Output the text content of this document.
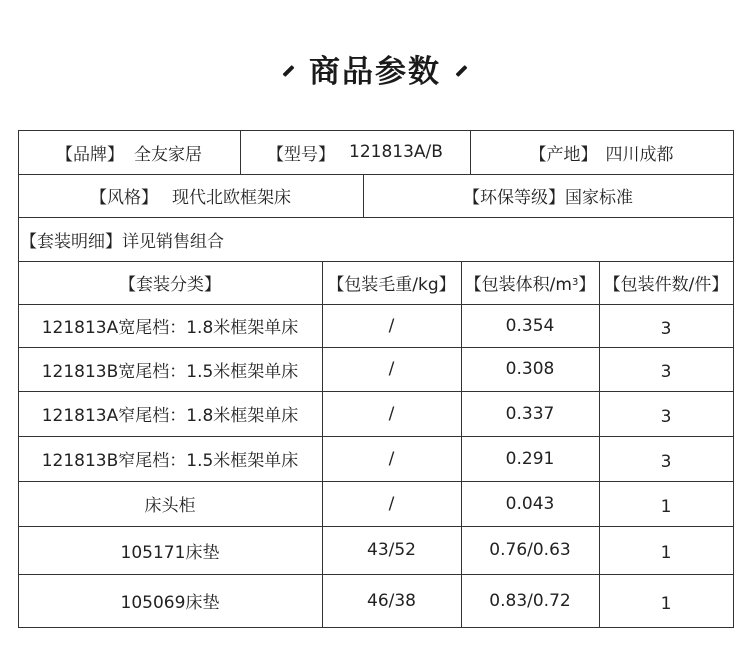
商品参数
【品牌】 全友家居	【型号】 121813A/B	【产地】 四川成都
【风格】 现代北欧框架床	【环保等级】 国家标准
【套装明细】 详见销售组合
【套装分类】	【包装毛重/kg】 【包装体积/m 3 】 【包装件数/件】
121813A宽尾档：1.8米框架单床	/	0.354	3
121813B宽尾档：1.5米框架单床	/	0.308	3
121813A窄尾档：1.8米框架单床	/	0.337	3
121813B窄尾档：1.5米框架单床	/	0.291	3
床头柜	/	0.043	1
105171床垫	43/52	0.76/0.63	1
105069床垫	46/38	0.83/0.72	1
